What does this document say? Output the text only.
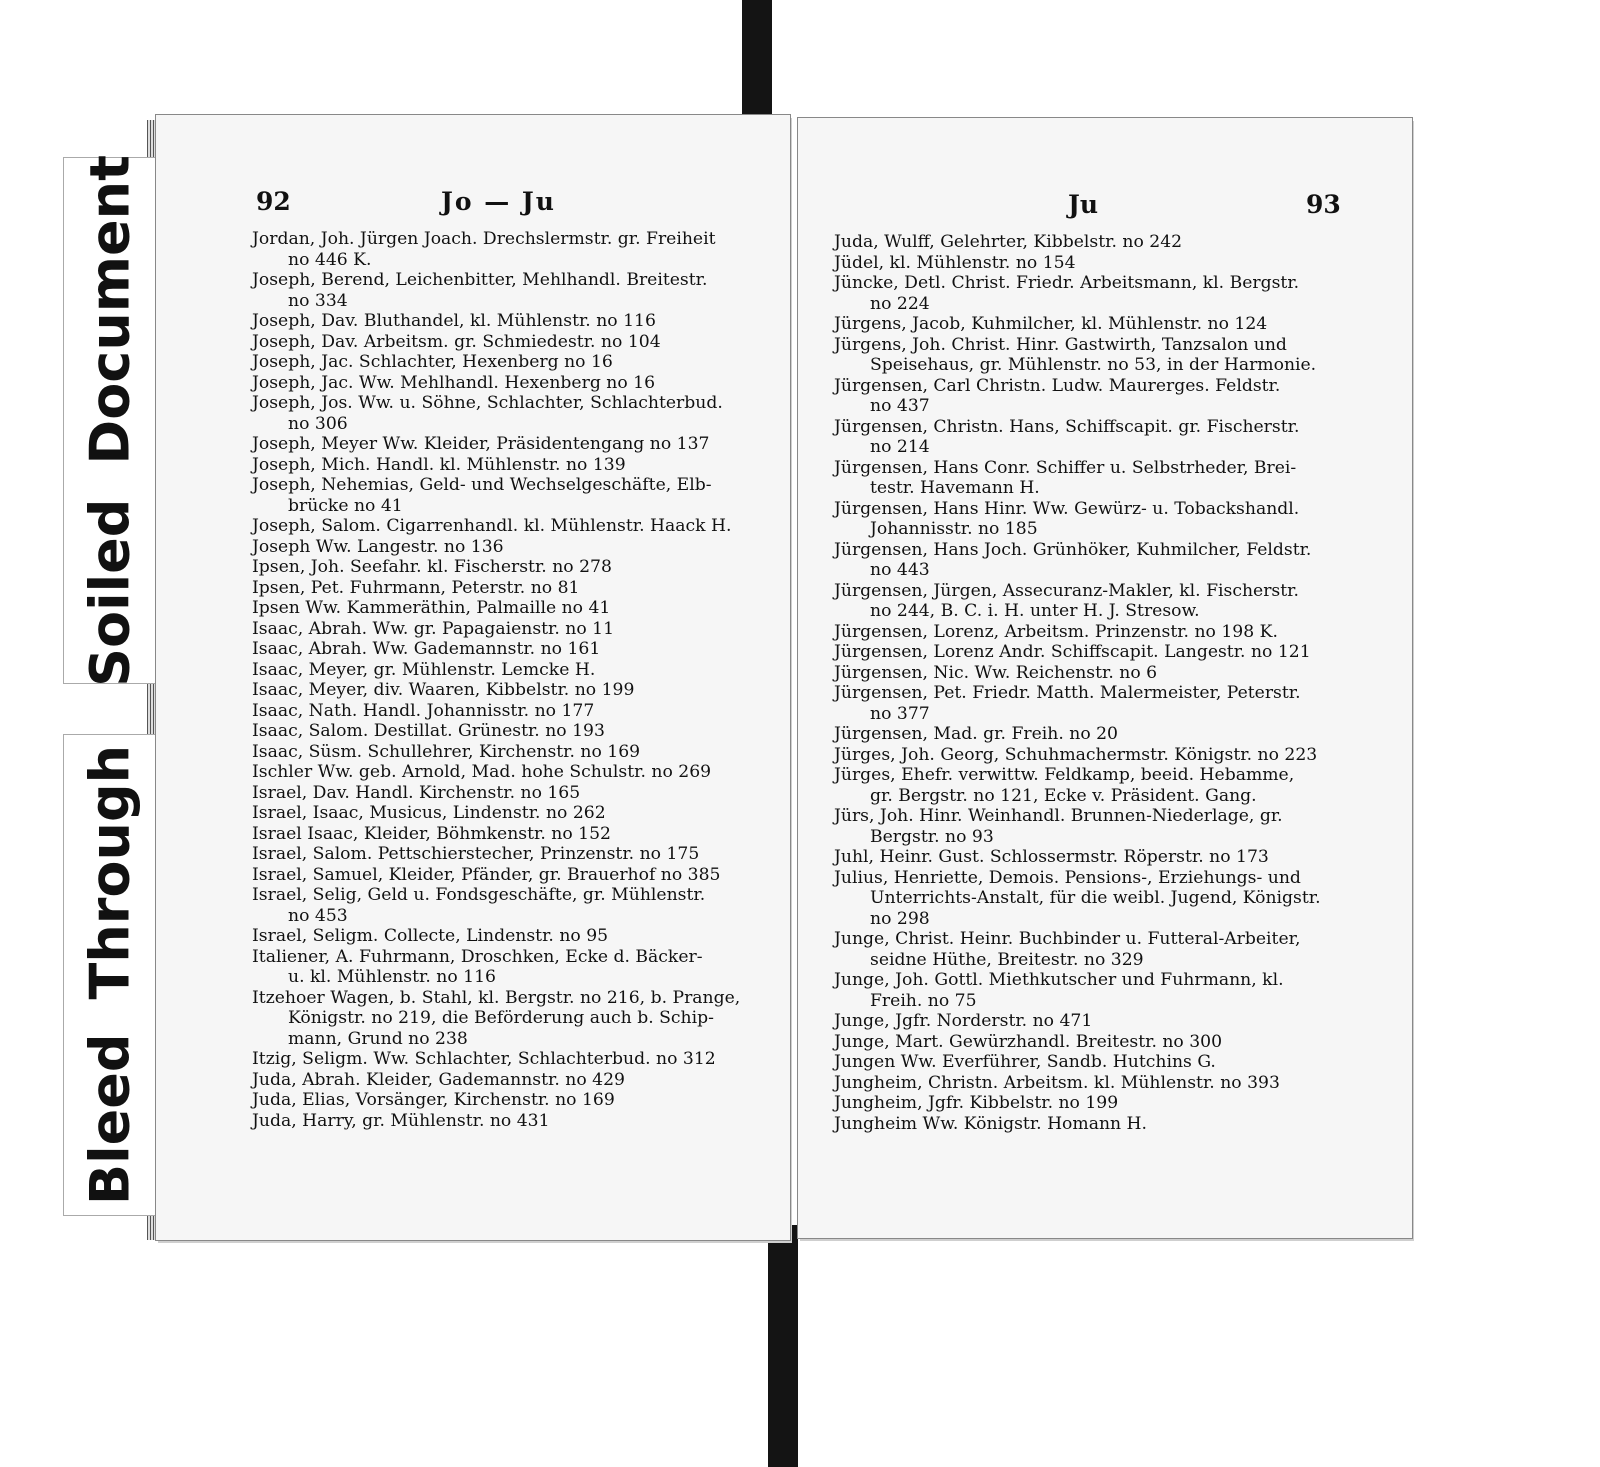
SoiledDocument
BleedThrough
92	Jo — Ju
Jordan, Joh. Jürgen Joach. Drechslermstr. gr. Freiheit
no 446 K.
Joseph, Berend, Leichenbitter, Mehlhandl. Breitestr.
no 334
Joseph, Dav. Bluthandel, kl. Mühlenstr. no 116
Joseph, Dav. Arbeitsm. gr. Schmiedestr. no 104
Joseph, Jac. Schlachter, Hexenberg no 16
Joseph, Jac. Ww. Mehlhandl. Hexenberg no 16
Joseph, Jos. Ww. u. Söhne, Schlachter, Schlachterbud.
no 306
Joseph, Meyer Ww. Kleider, Präsidentengang no 137
Joseph, Mich. Handl. kl. Mühlenstr. no 139
Joseph, Nehemias, Geld- und Wechselgeschäfte, Elb-
brücke no 41
Joseph, Salom. Cigarrenhandl. kl. Mühlenstr. Haack H.
Joseph Ww. Langestr. no 136
Ipsen, Joh. Seefahr. kl. Fischerstr. no 278
Ipsen, Pet. Fuhrmann, Peterstr. no 81
Ipsen Ww. Kammeräthin, Palmaille no 41
Isaac, Abrah. Ww. gr. Papagaienstr. no 11
Isaac, Abrah. Ww. Gademannstr. no 161
Isaac, Meyer, gr. Mühlenstr. Lemcke H.
Isaac, Meyer, div. Waaren, Kibbelstr. no 199
Isaac, Nath. Handl. Johannisstr. no 177
Isaac, Salom. Destillat. Grünestr. no 193
Isaac, Süsm. Schullehrer, Kirchenstr. no 169
Ischler Ww. geb. Arnold, Mad. hohe Schulstr. no 269
Israel, Dav. Handl. Kirchenstr. no 165
Israel, Isaac, Musicus, Lindenstr. no 262
Israel Isaac, Kleider, Böhmkenstr. no 152
Israel, Salom. Pettschierstecher, Prinzenstr. no 175
Israel, Samuel, Kleider, Pfänder, gr. Brauerhof no 385
Israel, Selig, Geld u. Fondsgeschäfte, gr. Mühlenstr.
no 453
Israel, Seligm. Collecte, Lindenstr. no 95
Italiener, A. Fuhrmann, Droschken, Ecke d. Bäcker-
u. kl. Mühlenstr. no 116
Itzehoer Wagen, b. Stahl, kl. Bergstr. no 216, b. Prange,
Königstr. no 219, die Beförderung auch b. Schip-
mann, Grund no 238
Itzig, Seligm. Ww. Schlachter, Schlachterbud. no 312
Juda, Abrah. Kleider, Gademannstr. no 429
Juda, Elias, Vorsänger, Kirchenstr. no 169
Juda, Harry, gr. Mühlenstr. no 431
Ju	93
Juda, Wulff, Gelehrter, Kibbelstr. no 242
Jüdel, kl. Mühlenstr. no 154
Jüncke, Detl. Christ. Friedr. Arbeitsmann, kl. Bergstr.
no 224
Jürgens, Jacob, Kuhmilcher, kl. Mühlenstr. no 124
Jürgens, Joh. Christ. Hinr. Gastwirth, Tanzsalon und
Speisehaus, gr. Mühlenstr. no 53, in der Harmonie.
Jürgensen, Carl Christn. Ludw. Maurerges. Feldstr.
no 437
Jürgensen, Christn. Hans, Schiffscapit. gr. Fischerstr.
no 214
Jürgensen, Hans Conr. Schiffer u. Selbstrheder, Brei-
testr. Havemann H.
Jürgensen, Hans Hinr. Ww. Gewürz- u. Tobackshandl.
Johannisstr. no 185
Jürgensen, Hans Joch. Grünhöker, Kuhmilcher, Feldstr.
no 443
Jürgensen, Jürgen, Assecuranz-Makler, kl. Fischerstr.
no 244, B. C. i. H. unter H. J. Stresow.
Jürgensen, Lorenz, Arbeitsm. Prinzenstr. no 198 K.
Jürgensen, Lorenz Andr. Schiffscapit. Langestr. no 121
Jürgensen, Nic. Ww. Reichenstr. no 6
Jürgensen, Pet. Friedr. Matth. Malermeister, Peterstr.
no 377
Jürgensen, Mad. gr. Freih. no 20
Jürges, Joh. Georg, Schuhmachermstr. Königstr. no 223
Jürges, Ehefr. verwittw. Feldkamp, beeid. Hebamme,
gr. Bergstr. no 121, Ecke v. Präsident. Gang.
Jürs, Joh. Hinr. Weinhandl. Brunnen-Niederlage, gr.
Bergstr. no 93
Juhl, Heinr. Gust. Schlossermstr. Röperstr. no 173
Julius, Henriette, Demois. Pensions-, Erziehungs- und
Unterrichts-Anstalt, für die weibl. Jugend, Königstr.
no 298
Junge, Christ. Heinr. Buchbinder u. Futteral-Arbeiter,
seidne Hüthe, Breitestr. no 329
Junge, Joh. Gottl. Miethkutscher und Fuhrmann, kl.
Freih. no 75
Junge, Jgfr. Norderstr. no 471
Junge, Mart. Gewürzhandl. Breitestr. no 300
Jungen Ww. Everführer, Sandb. Hutchins G.
Jungheim, Christn. Arbeitsm. kl. Mühlenstr. no 393
Jungheim, Jgfr. Kibbelstr. no 199
Jungheim Ww. Königstr. Homann H.
